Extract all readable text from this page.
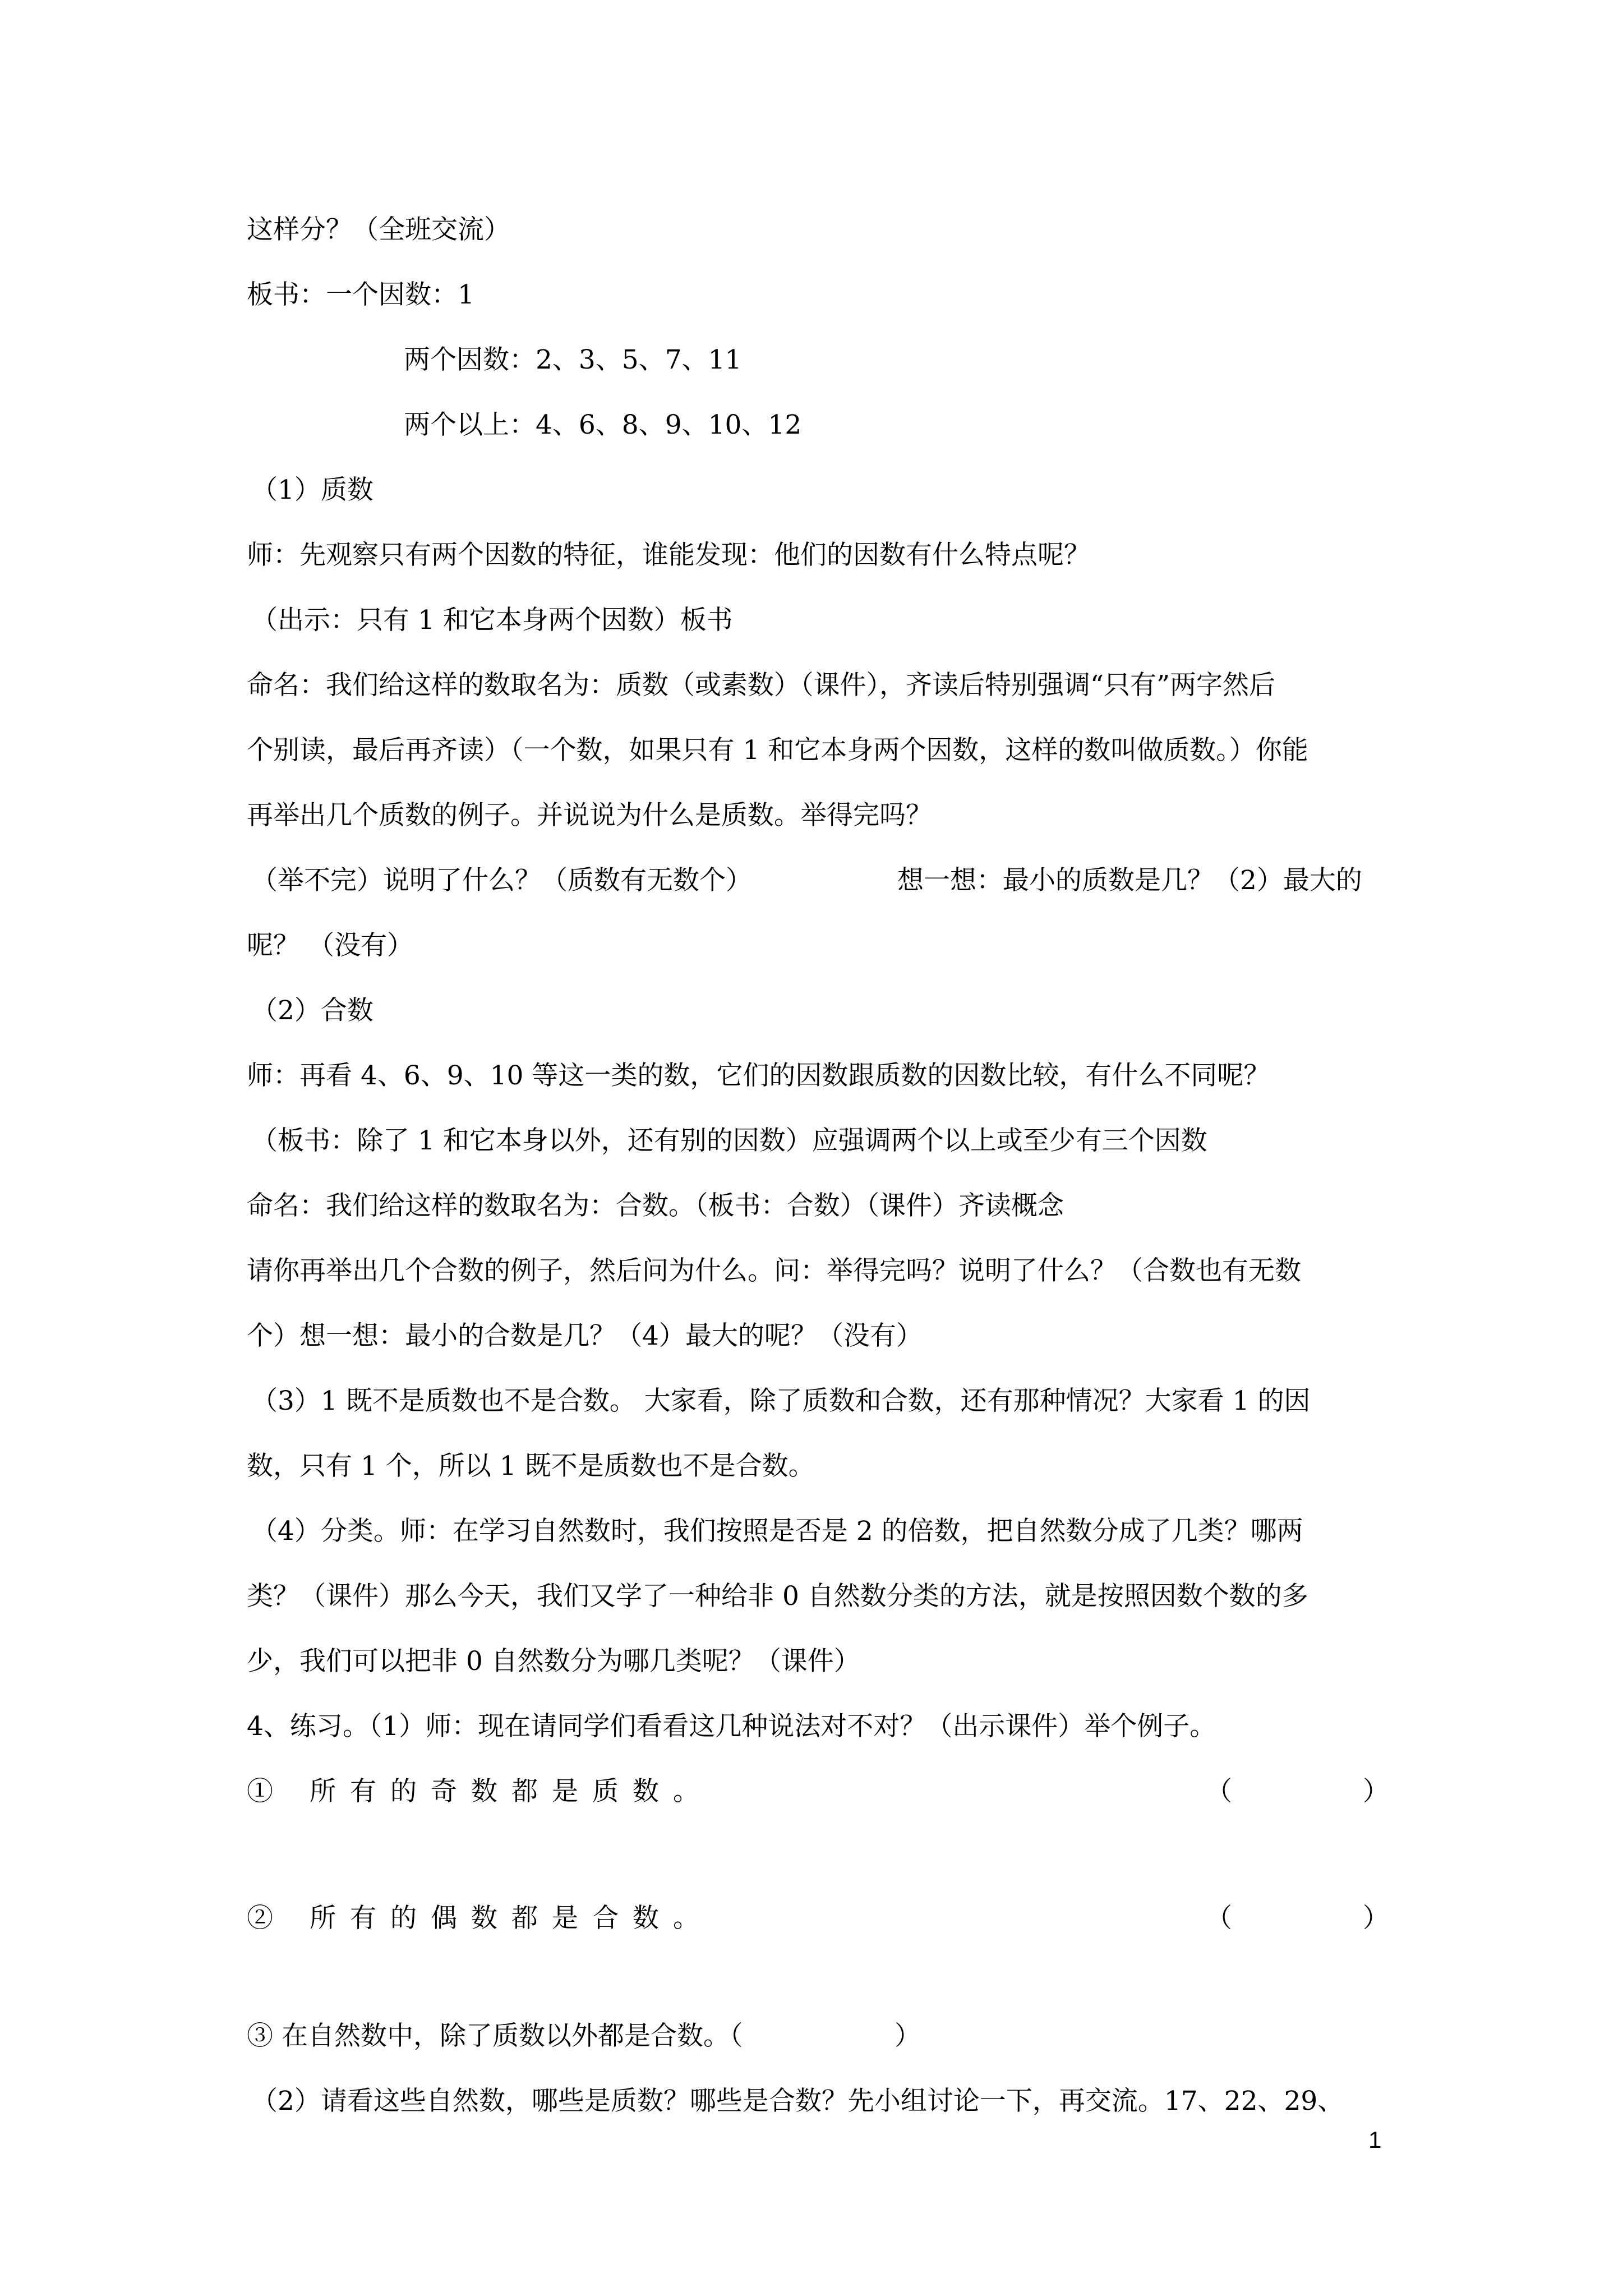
这样分？（全班交流）
板书：一个因数：1
两个因数：2、3、5、7、11
两个以上：4、6、8、9、10、12
（1）质数
师：先观察只有两个因数的特征，谁能发现：他们的因数有什么特点呢？
（出示：只有 1 和它本身两个因数）板书
命名：我们给这样的数取名为：质数（或素数）（课件），齐读后特别强调“只有”两字然后
个别读，最后再齐读）（一个数，如果只有 1 和它本身两个因数，这样的数叫做质数。）你能
再举出几个质数的例子。并说说为什么是质数。举得完吗？
（举不完）说明了什么？（质数有无数个）	想一想：最小的质数是几？（2）最大的
呢？ （没有）
（2）合数
师：再看 4、6、9、10 等这一类的数，它们的因数跟质数的因数比较，有什么不同呢？
（板书：除了 1 和它本身以外，还有别的因数）应强调两个以上或至少有三个因数
命名：我们给这样的数取名为：合数。（板书：合数）（课件）齐读概念
请你再举出几个合数的例子，然后问为什么。问：举得完吗？说明了什么？（合数也有无数
个）想一想：最小的合数是几？（4）最大的呢？（没有）
（3）1 既不是质数也不是合数。 大家看，除了质数和合数，还有那种情况？大家看 1 的因
数，只有 1 个，所以 1 既不是质数也不是合数。
（4）分类。师：在学习自然数时，我们按照是否是 2 的倍数，把自然数分成了几类？哪两
类？（课件）那么今天，我们又学了一种给非 0 自然数分类的方法，就是按照因数个数的多
少，我们可以把非 0 自然数分为哪几类呢？（课件）
4、练习。（1）师：现在请同学们看看这几种说法对不对？（出示课件）举个例子。
① 所有的奇数都是质数。	（	）
② 所有的偶数都是合数。	（	）
③ 在自然数中，除了质数以外都是合数。（	）
（2）请看这些自然数，哪些是质数？哪些是合数？先小组讨论一下，再交流。17、22、29、
1
